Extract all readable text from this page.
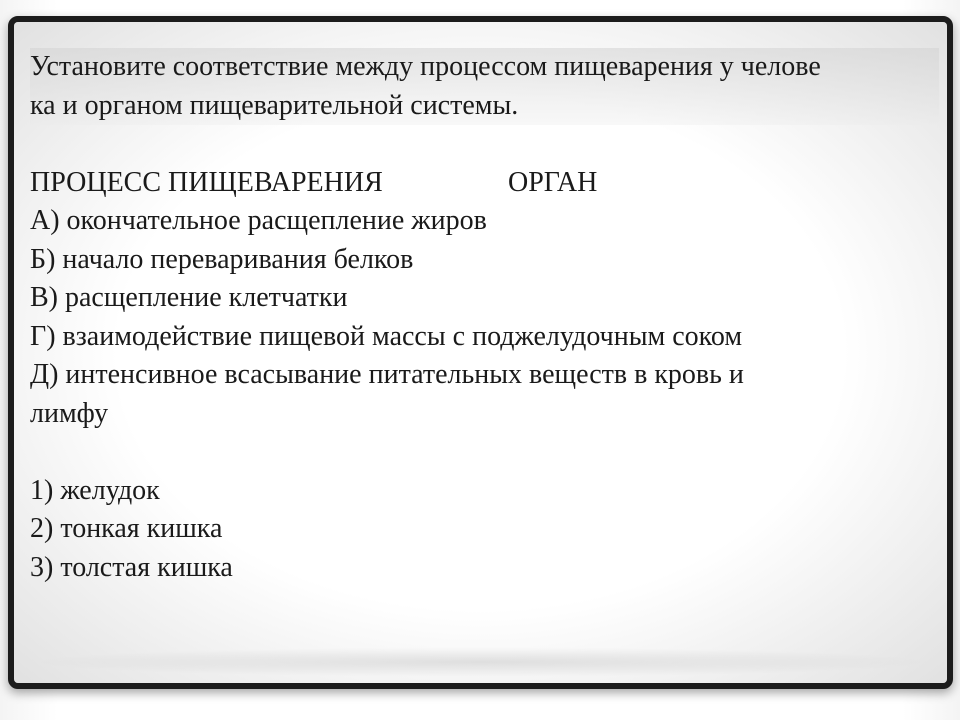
Установите соответствие между процессом пищеварения у челове
ка и органом пищеварительной системы.
ПРОЦЕСС ПИЩЕВАРЕНИЯ	ОРГАН
А) окончательное расщепление жиров
Б) начало переваривания белков
В) расщепление клетчатки
Г) взаимодействие пищевой массы с поджелудочным соком
Д) интенсивное всасывание питательных веществ в кровь и
лимфу
1) желудок
2) тонкая кишка
3) толстая кишка
